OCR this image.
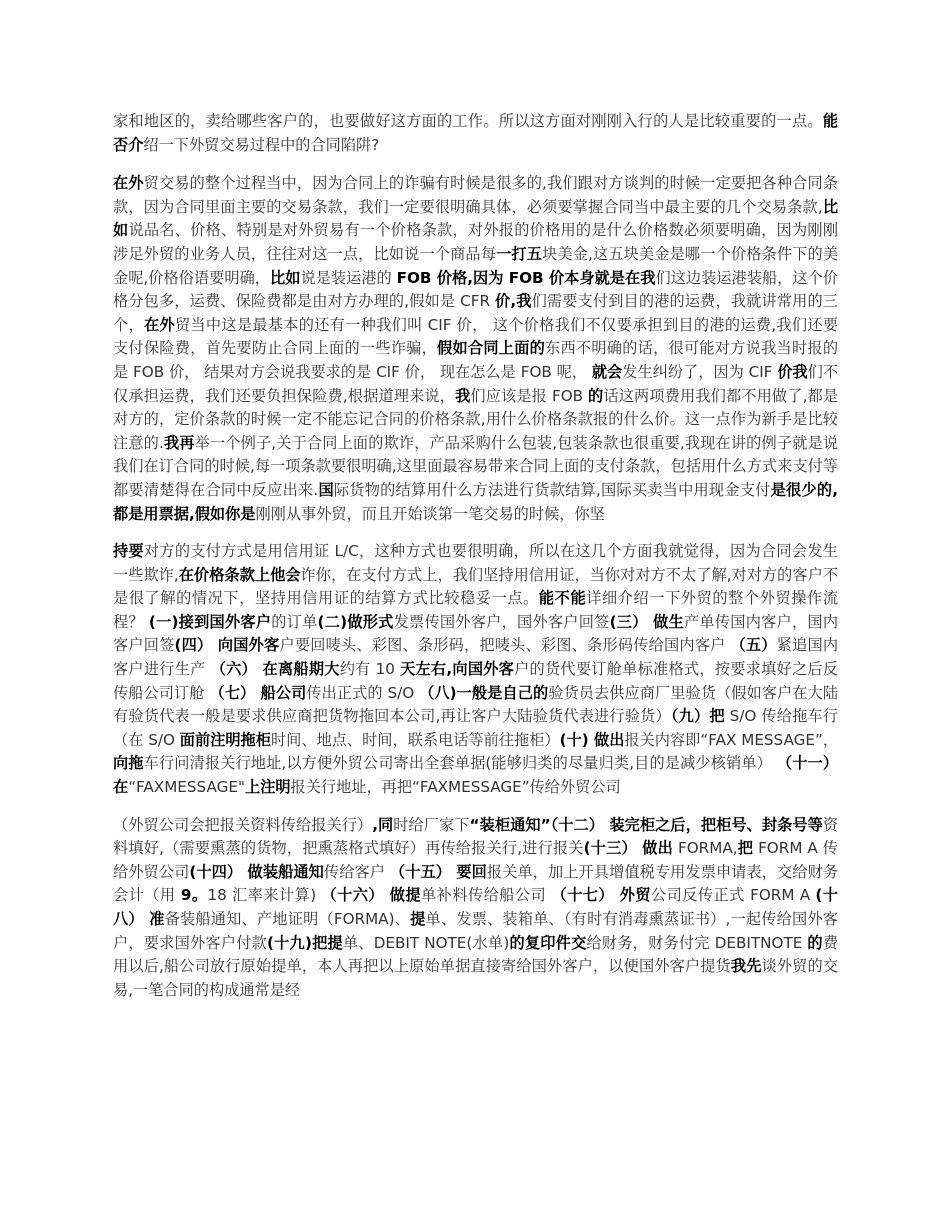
家和地区的，卖给哪些客户的，也要做好这方面的工作。所以这方面对刚刚入行的人是比较重要的一点。能否介绍一下外贸交易过程中的合同陷阱?

在外贸交易的整个过程当中，因为合同上的诈骗有时候是很多的,我们跟对方谈判的时候一定要把各种合同条款，因为合同里面主要的交易条款，我们一定要很明确具体，必须要掌握合同当中最主要的几个交易条款,比如说品名、价格、特别是对外贸易有一个价格条款，对外报的价格用的是什么价格数必须要明确，因为刚刚涉足外贸的业务人员，往往对这一点，比如说一个商品每一打五块美金,这五块美金是哪一个价格条件下的美金呢,价格俗语要明确，比如说是装运港的 FOB 价格,因为 FOB 价本身就是在我们这边装运港装船，这个价格分包多，运费、保险费都是由对方办理的,假如是 CFR 价,我们需要支付到目的港的运费，我就讲常用的三个，在外贸当中这是最基本的还有一种我们叫 CIF 价， 这个价格我们不仅要承担到目的港的运费,我们还要支付保险费，首先要防止合同上面的一些诈骗，假如合同上面的东西不明确的话，很可能对方说我当时报的是 FOB 价， 结果对方会说我要求的是 CIF 价， 现在怎么是 FOB 呢， 就会发生纠纷了，因为 CIF 价我们不仅承担运费，我们还要负担保险费,根据道理来说，我们应该是报 FOB 的话这两项费用我们都不用做了,都是对方的，定价条款的时候一定不能忘记合同的价格条款,用什么价格条款报的什么价。这一点作为新手是比较注意的.我再举一个例子,关于合同上面的欺诈，产品采购什么包装,包装条款也很重要,我现在讲的例子就是说我们在订合同的时候,每一项条款要很明确,这里面最容易带来合同上面的支付条款，包括用什么方式来支付等都要清楚得在合同中反应出来.国际货物的结算用什么方法进行货款结算,国际买卖当中用现金支付是很少的,都是用票据,假如你是刚刚从事外贸，而且开始谈第一笔交易的时候，你坚

持要对方的支付方式是用信用证 L/C，这种方式也要很明确，所以在这几个方面我就觉得，因为合同会发生一些欺诈,在价格条款上他会诈你，在支付方式上，我们坚持用信用证，当你对对方不太了解,对对方的客户不是很了解的情况下，坚持用信用证的结算方式比较稳妥一点。能不能详细介绍一下外贸的整个外贸操作流程？ (一)接到国外客户的订单(二)做形式发票传国外客户，国外客户回签(三） 做生产单传国内客户，国内客户回签(四） 向国外客户要回唛头、彩图、条形码，把唛头、彩图、条形码传给国内客户 （五）紧追国内客户进行生产 （六） 在离船期大约有 10 天左右,向国外客户的货代要订舱单标准格式，按要求填好之后反传船公司订舱 （七） 船公司传出正式的 S/O （八)一般是自己的验货员去供应商厂里验货（假如客户在大陆有验货代表一般是要求供应商把货物拖回本公司,再让客户大陆验货代表进行验货）（九）把 S/O 传给拖车行（在 S/O 面前注明拖柜时间、地点、时间，联系电话等前往拖柜）(十) 做出报关内容即“FAX MESSAGE”，向拖车行问清报关行地址,以方便外贸公司寄出全套单据(能够归类的尽量归类,目的是减少核销单） （十一） 在“FAXMESSAGE"上注明报关行地址，再把“FAXMESSAGE”传给外贸公司

（外贸公司会把报关资料传给报关行）,同时给厂家下“装柜通知”（十二） 装完柜之后，把柜号、封条号等资料填好,（需要熏蒸的货物，把熏蒸格式填好）再传给报关行,进行报关(十三） 做出 FORMA,把 FORM A 传给外贸公司(十四） 做装船通知传给客户 （十五） 要回报关单，加上开具增值税专用发票申请表，交给财务会计（用 9。18 汇率来计算) （十六） 做提单补料传给船公司 （十七） 外贸公司反传正式 FORM A (十八） 准备装船通知、产地证明（FORMA)、提单、发票、装箱单、（有时有消毒熏蒸证书）,一起传给国外客户，要求国外客户付款(十九)把提单、DEBIT NOTE(水单)的复印件交给财务，财务付完 DEBITNOTE 的费用以后,船公司放行原始提单，本人再把以上原始单据直接寄给国外客户，以便国外客户提货我先谈外贸的交易,一笔合同的构成通常是经
